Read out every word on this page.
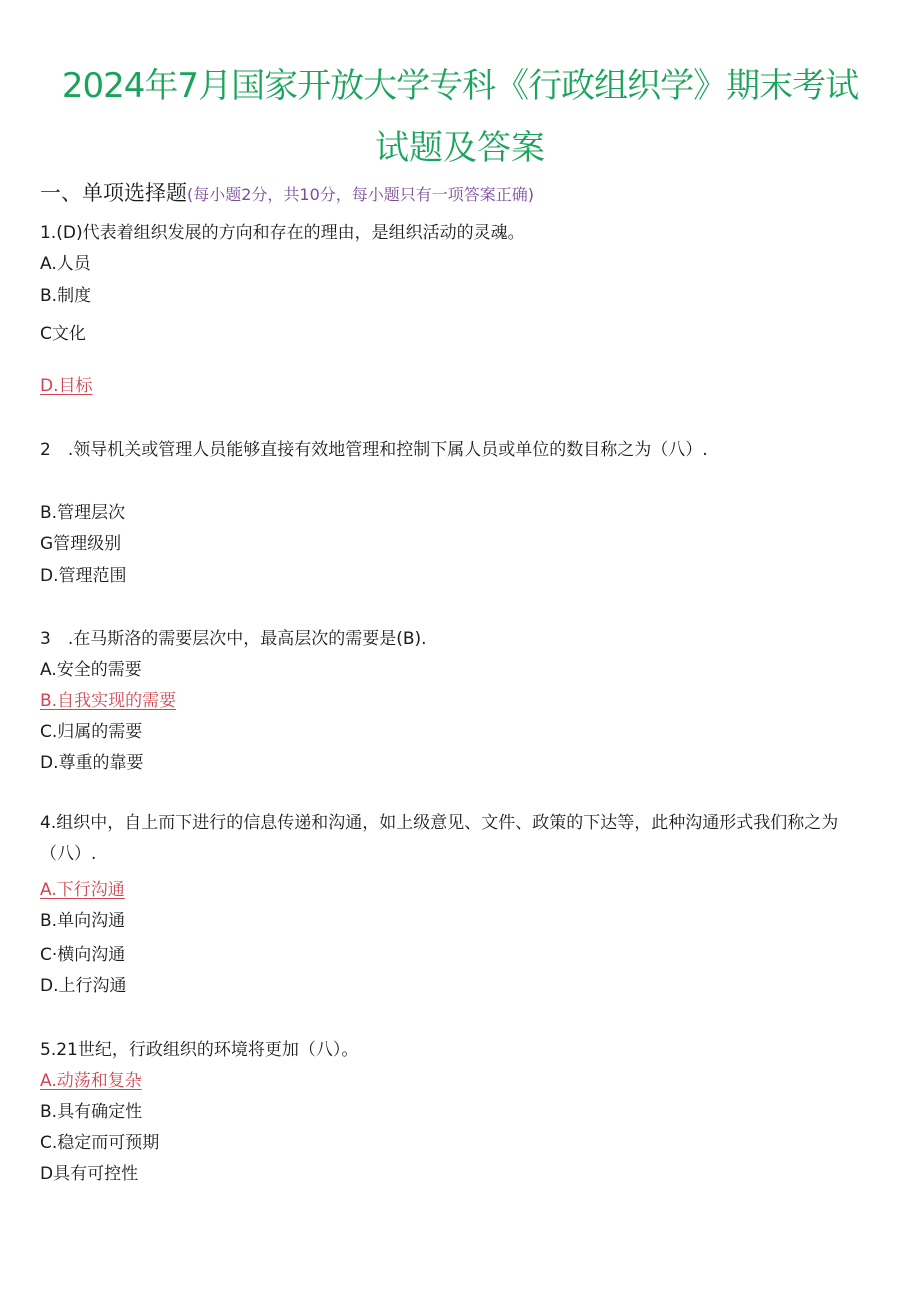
2024年7月国家开放大学专科《行政组织学》期末考试
试题及答案
一、单项选择题(每小题2分，共10分，每小题只有一项答案正确)
1.(D)代表着组织发展的方向和存在的理由，是组织活动的灵魂。
A.人员
B.制度
C文化
D.目标
2　.领导机关或管理人员能够直接有效地管理和控制下属人员或单位的数目称之为（八）.
B.管理层次
G管理级别
D.管理范围
3　.在马斯洛的需要层次中，最高层次的需要是(B).
A.安全的需要
B.自我实现的需要
C.归属的需要
D.尊重的靠要
4.组织中，自上而下进行的信息传递和沟通，如上级意见、文件、政策的下达等，此种沟通形式我们称之为（八）.
A.下行沟通
B.单向沟通
C·横向沟通
D.上行沟通
5.21世纪，行政组织的环境将更加（八）。
A.动荡和复杂
B.具有确定性
C.稳定而可预期
D具有可控性
